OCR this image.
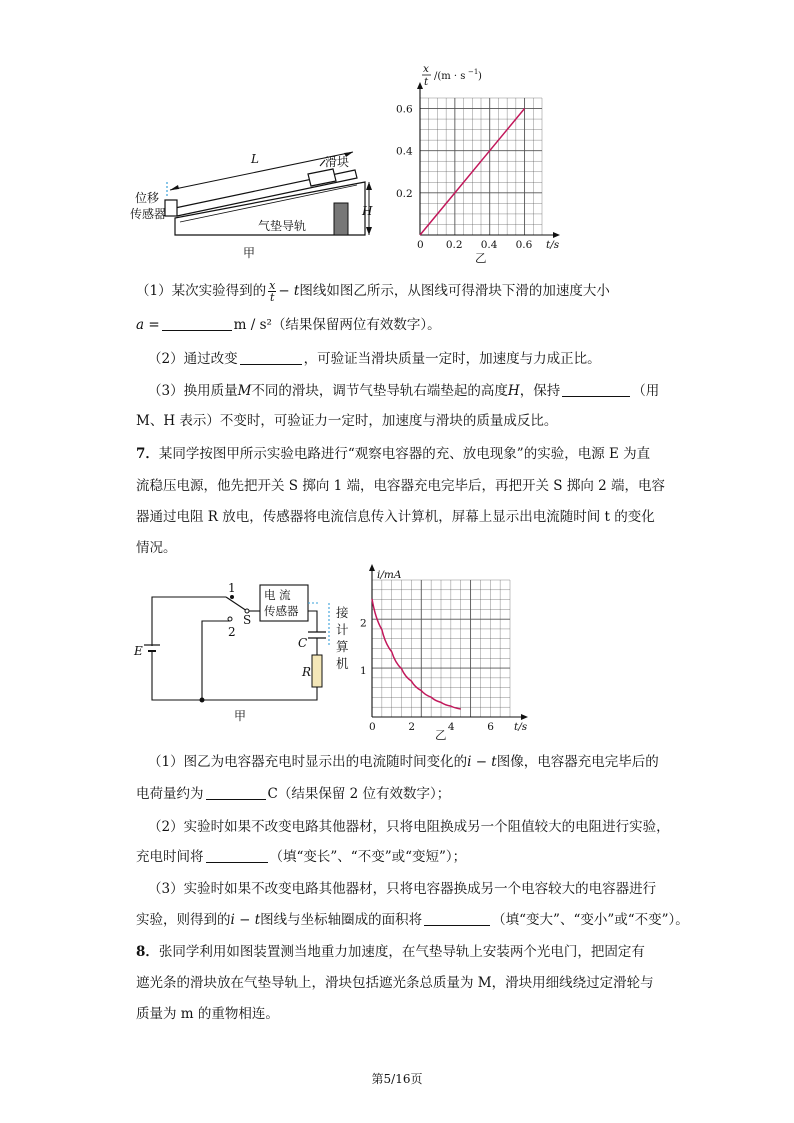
L
H
滑块
位移
传感器
气垫导轨
甲
0 0.2 0.4 0.6
0.2
0.4
0.6
t/s
乙
x
t /(m · s −1 )
（1）某次实验得到的 $\frac{x}{t} - t$图线如图乙所示，从图线可得滑块下滑的加速度大小
a =	m / s²（结果保留两位有效数字）。
（2）通过改变	，可验证当滑块质量一定时，加速度与力成正比。
（3）换用质量M不同的滑块，调节气垫导轨右端垫起的高度H，保持	（用
M、H 表示）不变时，可验证力一定时，加速度与滑块的质量成反比。
7．某同学按图甲所示实验电路进行“观察电容器的充、放电现象”的实验，电源 E 为直
流稳压电源，他先把开关 S 掷向 1 端，电容器充电完毕后，再把开关 S 掷向 2 端，电容
器通过电阻 R 放电，传感器将电流信息传入计算机，屏幕上显示出电流随时间 t 的变化
情况。
1
2
S
E
C
R
电 流
传感器	接
计
算
机
甲
0	2	4	6
1
2
t/s
乙
i/mA
（1）图乙为电容器充电时显示出的电流随时间变化的i − t图像，电容器充电完毕后的
电荷量约为	C（结果保留 2 位有效数字）；
（2）实验时如果不改变电路其他器材，只将电阻换成另一个阻值较大的电阻进行实验，
充电时间将	（填“变长”、“不变”或“变短”）；
（3）实验时如果不改变电路其他器材，只将电容器换成另一个电容较大的电容器进行
实验，则得到的i − t图线与坐标轴圈成的面积将	（填“变大”、“变小”或“不变”）。
8．张同学利用如图装置测当地重力加速度，在气垫导轨上安装两个光电门，把固定有
遮光条的滑块放在气垫导轨上，滑块包括遮光条总质量为 M，滑块用细线绕过定滑轮与
质量为 m 的重物相连。
第5/16页
